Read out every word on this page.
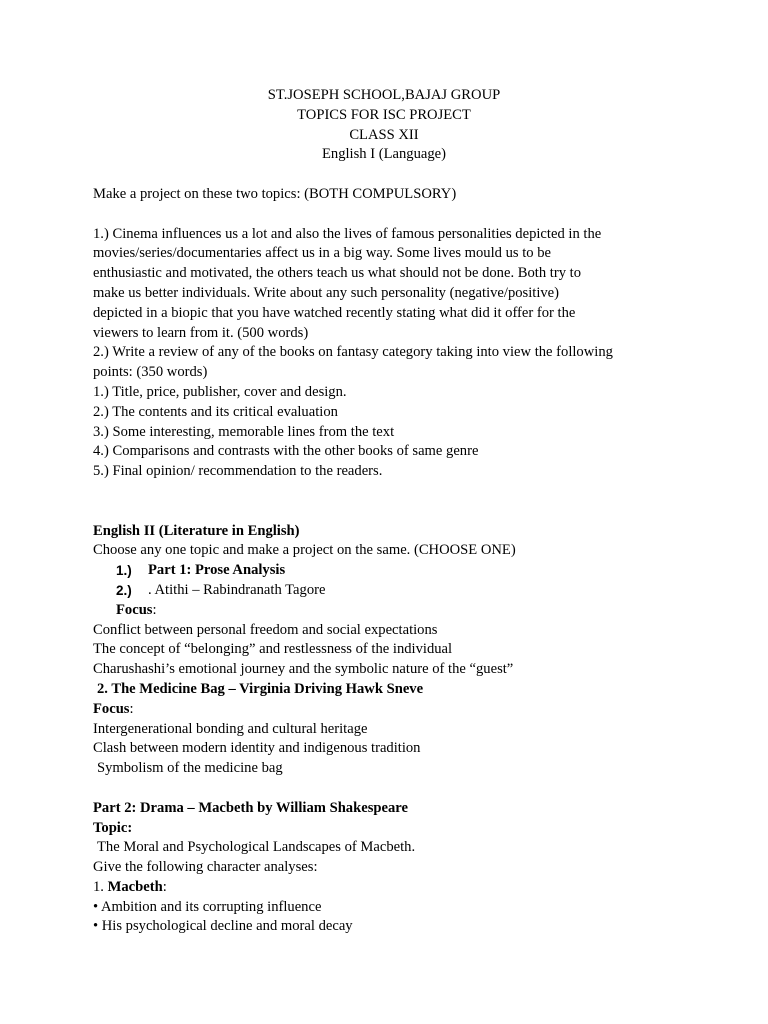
ST.JOSEPH SCHOOL,BAJAJ GROUP
TOPICS FOR ISC PROJECT
CLASS XII
English I (Language)
Make a project on these two topics: (BOTH COMPULSORY)
1.) Cinema influences us a lot and also the lives of famous personalities depicted in the
movies/series/documentaries affect us in a big way. Some lives mould us to be
enthusiastic and motivated, the others teach us what should not be done. Both try to
make us better individuals. Write about any such personality (negative/positive)
depicted in a biopic that you have watched recently stating what did it offer for the
viewers to learn from it. (500 words)
2.) Write a review of any of the books on fantasy category taking into view the following
points: (350 words)
1.) Title, price, publisher, cover and design.
2.) The contents and its critical evaluation
3.) Some interesting, memorable lines from the text
4.) Comparisons and contrasts with the other books of same genre
5.) Final opinion/ recommendation to the readers.
English II (Literature in English)
Choose any one topic and make a project on the same. (CHOOSE ONE)
1.)	Part 1: Prose Analysis
2.)	. Atithi – Rabindranath Tagore
Focus:
Conflict between personal freedom and social expectations
The concept of “belonging” and restlessness of the individual
Charushashi’s emotional journey and the symbolic nature of the “guest”
2. The Medicine Bag – Virginia Driving Hawk Sneve
Focus:
Intergenerational bonding and cultural heritage
Clash between modern identity and indigenous tradition
Symbolism of the medicine bag
Part 2: Drama – Macbeth by William Shakespeare
Topic:
The Moral and Psychological Landscapes of Macbeth.
Give the following character analyses:
1. Macbeth:
• Ambition and its corrupting influence
• His psychological decline and moral decay
